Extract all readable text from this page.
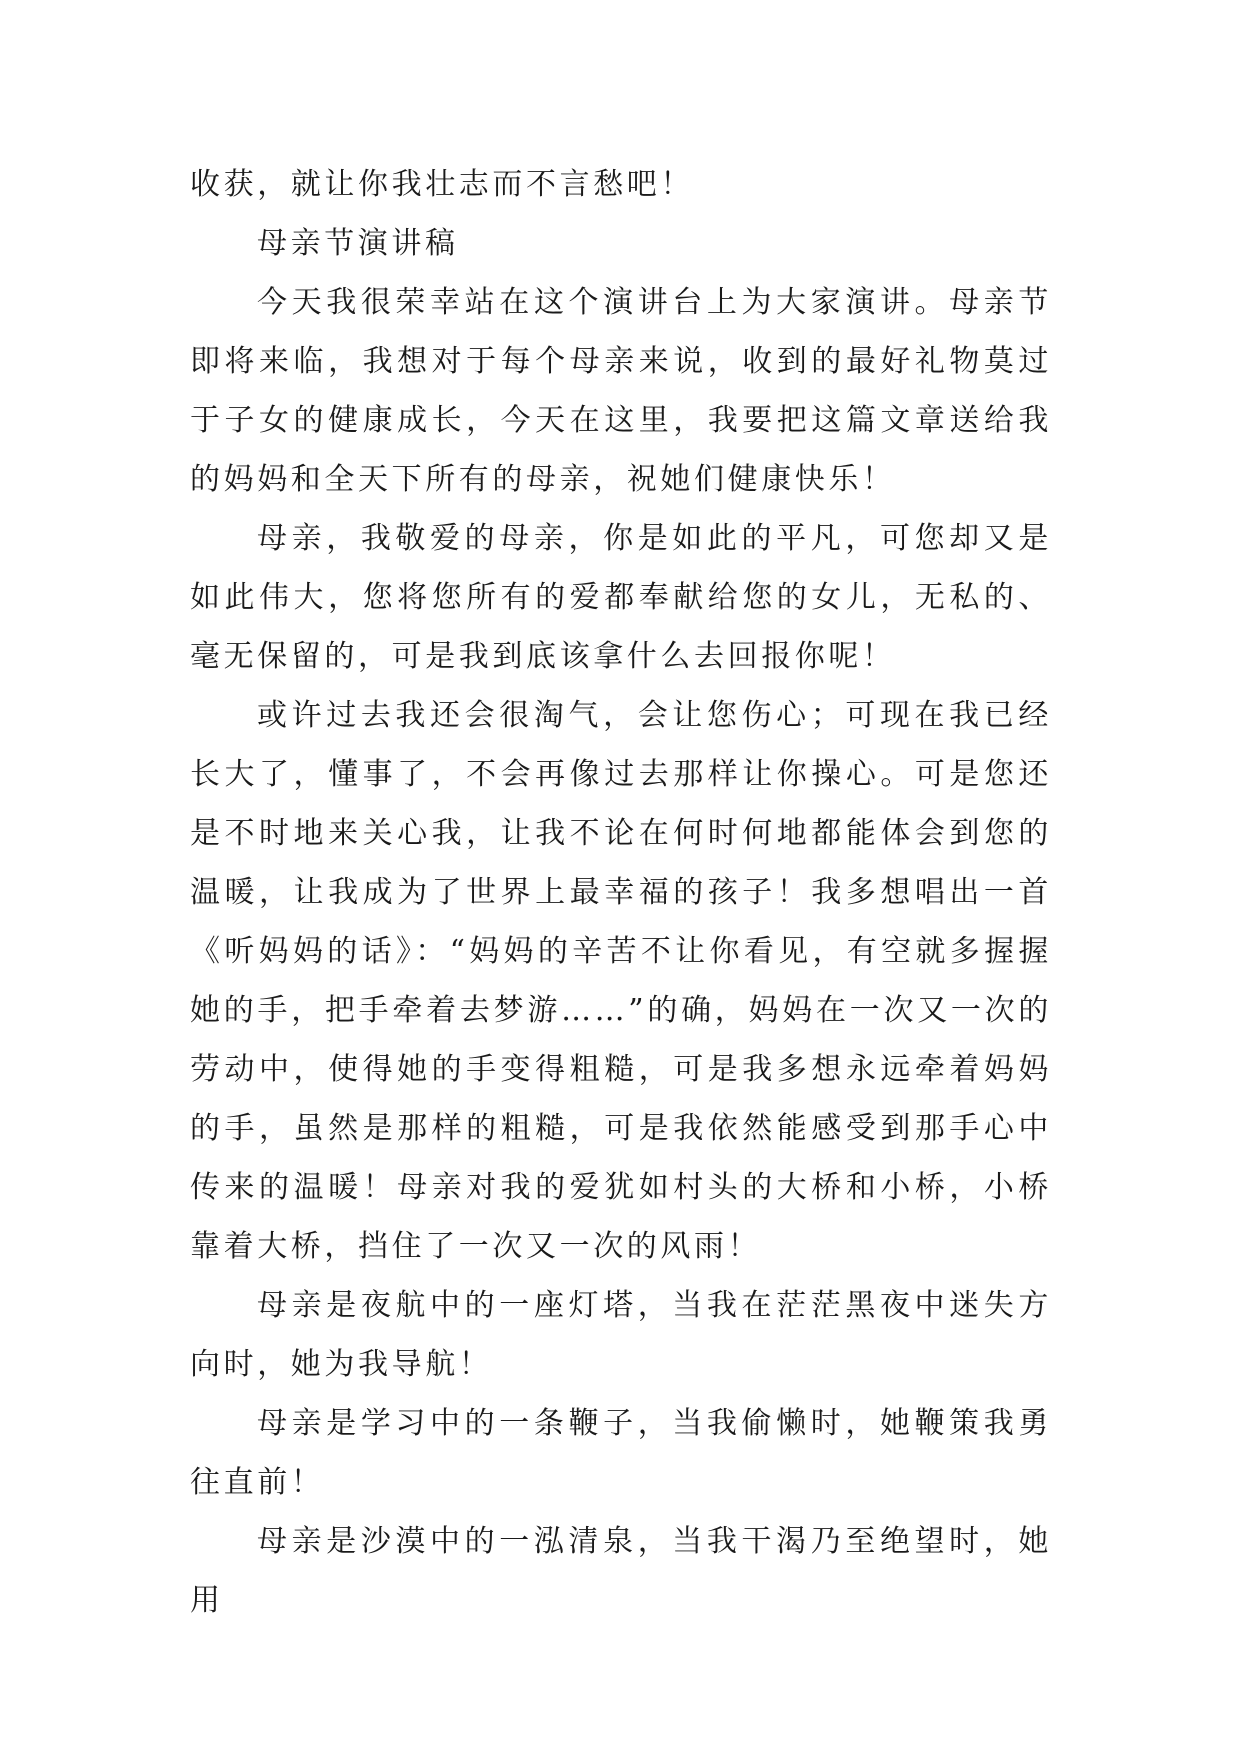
收获，就让你我壮志而不言愁吧！

母亲节演讲稿

今天我很荣幸站在这个演讲台上为大家演讲。母亲节即将来临，我想对于每个母亲来说，收到的最好礼物莫过于子女的健康成长，今天在这里，我要把这篇文章送给我的妈妈和全天下所有的母亲，祝她们健康快乐！

母亲，我敬爱的母亲，你是如此的平凡，可您却又是如此伟大，您将您所有的爱都奉献给您的女儿，无私的、毫无保留的，可是我到底该拿什么去回报你呢！

或许过去我还会很淘气，会让您伤心；可现在我已经长大了，懂事了，不会再像过去那样让你操心。可是您还是不时地来关心我，让我不论在何时何地都能体会到您的温暖，让我成为了世界上最幸福的孩子！我多想唱出一首《听妈妈的话》：“妈妈的辛苦不让你看见，有空就多握握她的手，把手牵着去梦游……”的确，妈妈在一次又一次的劳动中，使得她的手变得粗糙，可是我多想永远牵着妈妈的手，虽然是那样的粗糙，可是我依然能感受到那手心中传来的温暖！母亲对我的爱犹如村头的大桥和小桥，小桥靠着大桥，挡住了一次又一次的风雨！

母亲是夜航中的一座灯塔，当我在茫茫黑夜中迷失方向时，她为我导航！

母亲是学习中的一条鞭子，当我偷懒时，她鞭策我勇往直前！

母亲是沙漠中的一泓清泉，当我干渴乃至绝望时，她用
